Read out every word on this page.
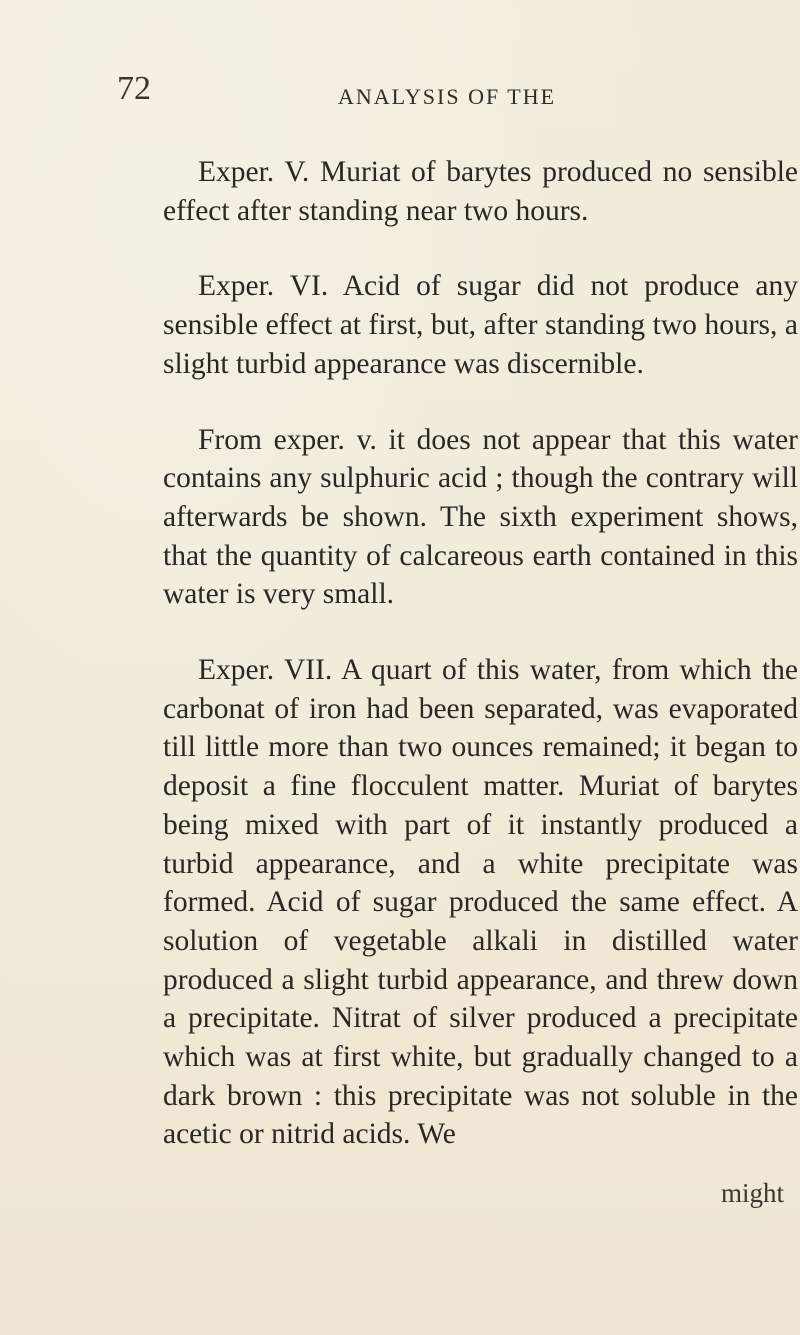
72	ANALYSIS OF THE

Exper. V. Muriat of barytes produced no sensible effect after standing near two hours.

Exper. VI. Acid of sugar did not produce any sensible effect at first, but, after standing two hours, a slight turbid appearance was discernible.

From exper. v. it does not appear that this water contains any sulphuric acid ; though the contrary will afterwards be shown. The sixth experiment shows, that the quantity of calcareous earth contained in this water is very small.

Exper. VII. A quart of this water, from which the carbonat of iron had been separated, was evaporated till little more than two ounces remained; it began to deposit a fine flocculent matter. Muriat of barytes being mixed with part of it instantly produced a turbid appearance, and a white precipitate was formed. Acid of sugar produced the same effect. A solution of vegetable alkali in distilled water produced a slight turbid appearance, and threw down a precipitate. Nitrat of silver produced a precipitate which was at first white, but gradually changed to a dark brown : this precipitate was not soluble in the acetic or nitrid acids. We

might
